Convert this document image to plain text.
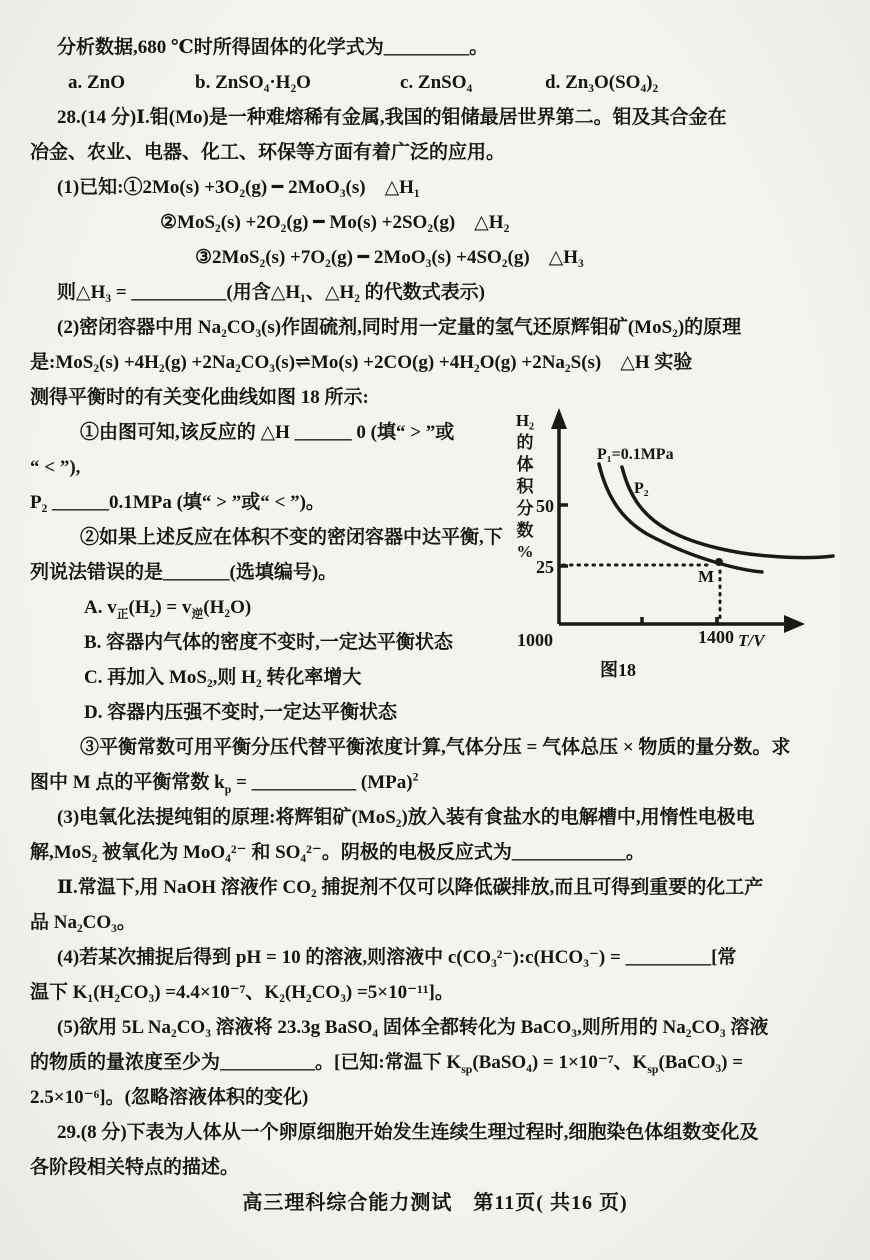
分析数据,680 ℃时所得固体的化学式为_________。
a. ZnO	b. ZnSO₄·H₂O	c. ZnSO₄	d. Zn₃O(SO₄)₂
28.(14 分)Ⅰ.钼(Mo)是一种难熔稀有金属,我国的钼储最居世界第二。钼及其合金在
冶金、农业、电器、化工、环保等方面有着广泛的应用。
(1)已知:①2Mo(s) +3O₂(g) ━ 2MoO₃(s)　△H₁
②MoS₂(s) +2O₂(g) ━ Mo(s) +2SO₂(g)　△H₂
③2MoS₂(s) +7O₂(g) ━ 2MoO₃(s) +4SO₂(g)　△H₃
则△H₃ = __________(用含△H₁、△H₂ 的代数式表示)
(2)密闭容器中用 Na₂CO₃(s)作固硫剂,同时用一定量的氢气还原辉钼矿(MoS₂)的原理
是:MoS₂(s) +4H₂(g) +2Na₂CO₃(s)⇌Mo(s) +2CO(g) +4H₂O(g) +2Na₂S(s)　△H 实验
测得平衡时的有关变化曲线如图 18 所示:
①由图可知,该反应的 △H ______ 0 (填“ > ”或
“ < ”),
P₂ ______0.1MPa (填“ > ”或“ < ”)。
②如果上述反应在体积不变的密闭容器中达平衡,下
列说法错误的是_______(选填编号)。
A. $v_正(H_2) = v_逆(H_2O)$
B. 容器内气体的密度不变时,一定达平衡状态
C. 再加入 MoS₂,则 H₂ 转化率增大
D. 容器内压强不变时,一定达平衡状态
③平衡常数可用平衡分压代替平衡浓度计算,气体分压 = 气体总压 × 物质的量分数。求
图中 M 点的平衡常数 $k_p$ = ___________ (MPa)$^2$
(3)电氧化法提纯钼的原理:将辉钼矿(MoS₂)放入装有食盐水的电解槽中,用惰性电极电
解,MoS₂ 被氧化为 MoO₄²⁻ 和 SO₄²⁻。阴极的电极反应式为____________。
Ⅱ.常温下,用 NaOH 溶液作 CO₂ 捕捉剂不仅可以降低碳排放,而且可得到重要的化工产
品 Na₂CO₃。
(4)若某次捕捉后得到 pH = 10 的溶液,则溶液中 c(CO₃²⁻):c(HCO₃⁻) = _________[常
温下 K₁(H₂CO₃) =4.4×10⁻⁷、K₂(H₂CO₃) =5×10⁻¹¹]。
(5)欲用 5L Na₂CO₃ 溶液将 23.3g BaSO₄ 固体全都转化为 BaCO₃,则所用的 Na₂CO₃ 溶液
的物质的量浓度至少为__________。[已知:常温下 $K_{sp}(BaSO_4) = 1\times 10^{-7}$、$K_{sp}(BaCO_3)$ =
2.5×10⁻⁶]。(忽略溶液体积的变化)
29.(8 分)下表为人体从一个卵原细胞开始发生连续生理过程时,细胞染色体组数变化及
各阶段相关特点的描述。
H₂
的
体
积
分
数
%
50
25
1000	1400 T/V
M
P₁=0.1MPa
P₂
图18
高三理科综合能力测试　第11页( 共16 页)
